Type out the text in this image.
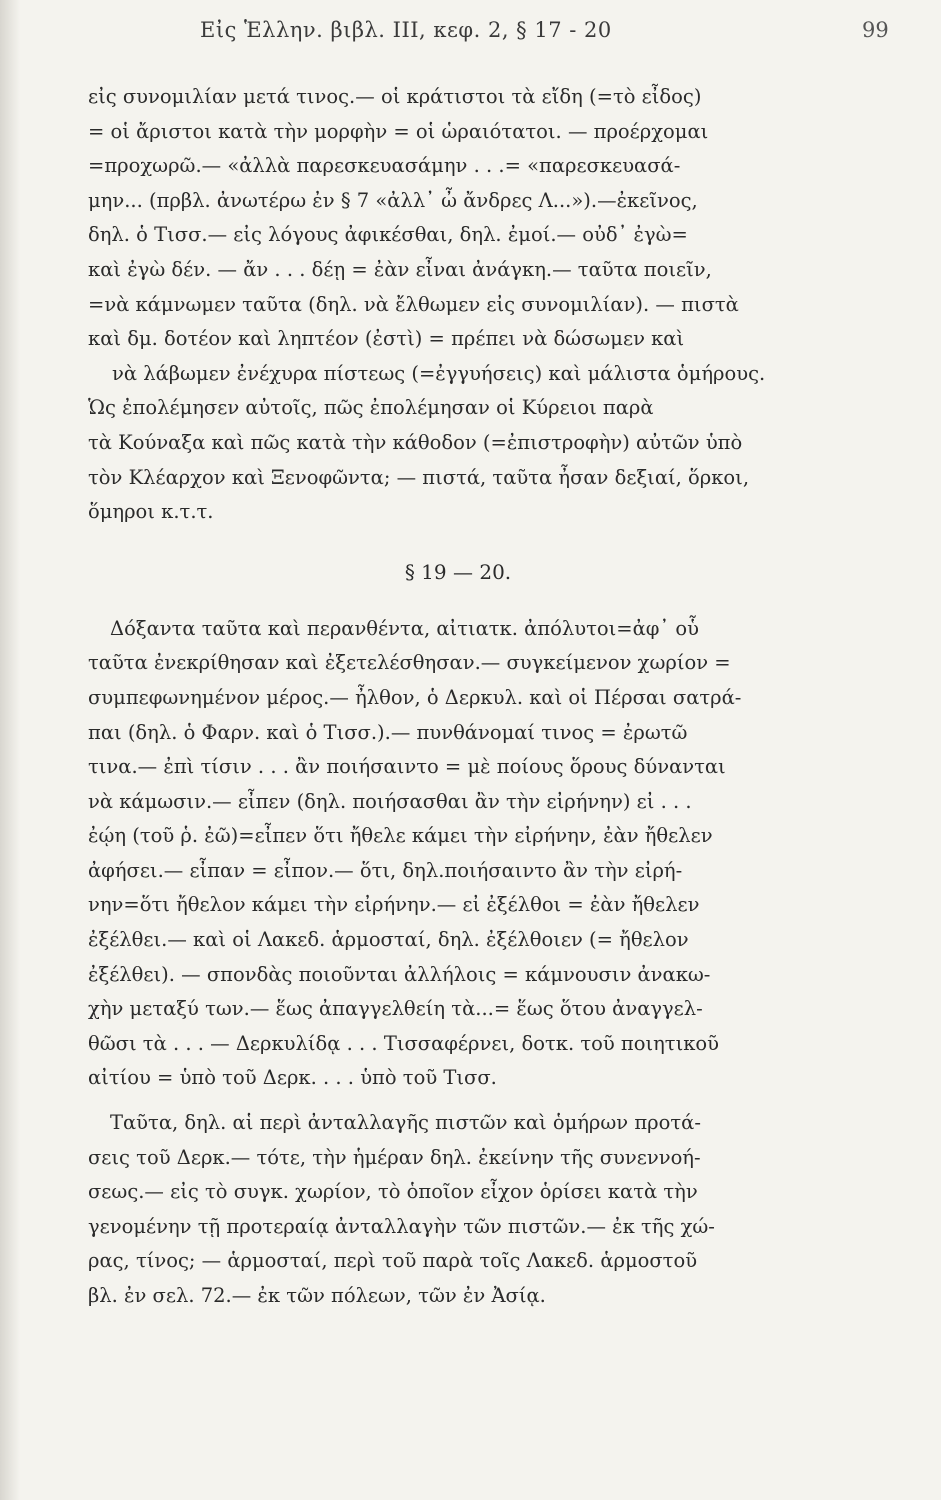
Εἰς Ἑλλην. βιβλ. III, κεφ. 2, § 17 - 20	99
εἰς συνομιλίαν μετά τινος.— οἱ κράτιστοι τὰ εἴδη (=τὸ εἶδος)
= οἱ ἄριστοι κατὰ τὴν μορφὴν = οἱ ὡραιότατοι. — προέρχομαι
=προχωρῶ.— «ἀλλὰ παρεσκευασάμην . . .= «παρεσκευασά-
μην... (πρβλ. ἀνωτέρω ἐν § 7 «ἀλλ᾽ ὦ ἄνδρες Λ...»).—ἐκεῖνος,
δηλ. ὁ Τισσ.— εἰς λόγους ἀφικέσθαι, δηλ. ἐμοί.— οὐδ᾽ ἐγὼ=
καὶ ἐγὼ δέν. — ἄν . . . δέῃ = ἐὰν εἶναι ἀνάγκη.— ταῦτα ποιεῖν,
=νὰ κάμνωμεν ταῦτα (δηλ. νὰ ἔλθωμεν εἰς συνομιλίαν). — πιστὰ
καὶ δμ. δοτέον καὶ ληπτέον (ἐστὶ) = πρέπει νὰ δώσωμεν καὶ
νὰ λάβωμεν ἐνέχυρα πίστεως (=ἐγγυήσεις) καὶ μάλιστα ὁμήρους.
Ὡς ἐπολέμησεν αὐτοῖς, πῶς ἐπολέμησαν οἱ Κύρειοι παρὰ
τὰ Κούναξα καὶ πῶς κατὰ τὴν κάθοδον (=ἐπιστροφὴν) αὐτῶν ὑπὸ
τὸν Κλέαρχον καὶ Ξενοφῶντα; — πιστά, ταῦτα ἦσαν δεξιαί, ὅρκοι,
ὅμηροι κ.τ.τ.
§ 19 — 20.
Δόξαντα ταῦτα καὶ περανθέντα, αἰτιατκ. ἀπόλυτοι=ἀφ᾽ οὗ
ταῦτα ἐνεκρίθησαν καὶ ἐξετελέσθησαν.— συγκείμενον χωρίον =
συμπεφωνημένον μέρος.— ἦλθον, ὁ Δερκυλ. καὶ οἱ Πέρσαι σατρά-
παι (δηλ. ὁ Φαρν. καὶ ὁ Τισσ.).— πυνθάνομαί τινος = ἐρωτῶ
τινα.— ἐπὶ τίσιν . . . ἂν ποιήσαιντο = μὲ ποίους ὅρους δύνανται
νὰ κάμωσιν.— εἶπεν (δηλ. ποιήσασθαι ἂν τὴν εἰρήνην) εἰ . . .
ἐῴη (τοῦ ῥ. ἐῶ)=εἶπεν ὅτι ἤθελε κάμει τὴν εἰρήνην, ἐὰν ἤθελεν
ἀφήσει.— εἶπαν = εἶπον.— ὅτι, δηλ.ποιήσαιντο ἂν τὴν εἰρή-
νην=ὅτι ἤθελον κάμει τὴν εἰρήνην.— εἰ ἐξέλθοι = ἐὰν ἤθελεν
ἐξέλθει.— καὶ οἱ Λακεδ. ἁρμοσταί, δηλ. ἐξέλθοιεν (= ἤθελον
ἐξέλθει). — σπονδὰς ποιοῦνται ἀλλήλοις = κάμνουσιν ἀνακω-
χὴν μεταξύ των.— ἕως ἀπαγγελθείη τὰ...= ἕως ὅτου ἀναγγελ-
θῶσι τὰ . . . — Δερκυλίδᾳ . . . Τισσαφέρνει, δοτκ. τοῦ ποιητικοῦ
αἰτίου = ὑπὸ τοῦ Δερκ. . . . ὑπὸ τοῦ Τισσ.
Ταῦτα, δηλ. αἱ περὶ ἀνταλλαγῆς πιστῶν καὶ ὁμήρων προτά-
σεις τοῦ Δερκ.— τότε, τὴν ἡμέραν δηλ. ἐκείνην τῆς συνεννοή-
σεως.— εἰς τὸ συγκ. χωρίον, τὸ ὁποῖον εἶχον ὁρίσει κατὰ τὴν
γενομένην τῇ προτεραίᾳ ἀνταλλαγὴν τῶν πιστῶν.— ἐκ τῆς χώ-
ρας, τίνος; — ἁρμοσταί, περὶ τοῦ παρὰ τοῖς Λακεδ. ἁρμοστοῦ
βλ. ἐν σελ. 72.— ἐκ τῶν πόλεων, τῶν ἐν Ἀσίᾳ.
